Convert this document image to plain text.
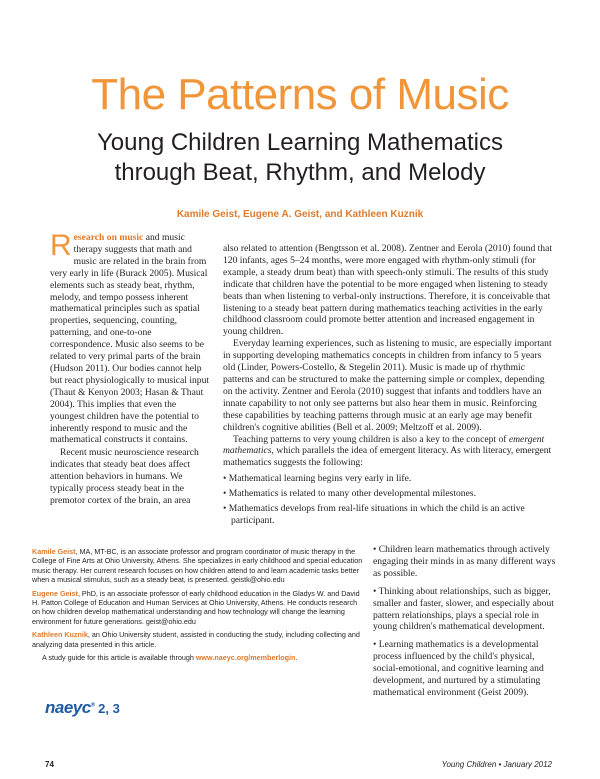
The Patterns of Music
Young Children Learning Mathematics
through Beat, Rhythm, and Melody
Kamile Geist, Eugene A. Geist, and Kathleen Kuznik

Research on music and music therapy suggests that math and music are related in the brain from very early in life (Burack 2005). Musical elements such as steady beat, rhythm, melody, and tempo possess inherent mathematical principles such as spatial properties, sequencing, counting, patterning, and one-to-one correspondence. Music also seems to be related to very primal parts of the brain (Hudson 2011). Our bodies cannot help but react physiologically to musical input (Thaut & Kenyon 2003; Hasan & Thaut 2004). This implies that even the youngest children have the potential to inherently respond to music and the mathematical constructs it contains.

Recent music neuroscience research indicates that steady beat does affect attention behaviors in humans. We typically process steady beat in the premotor cortex of the brain, an area

also related to attention (Bengtsson et al. 2008). Zentner and Eerola (2010) found that 120 infants, ages 5–24 months, were more engaged with rhythm-only stimuli (for example, a steady drum beat) than with speech-only stimuli. The results of this study indicate that children have the potential to be more engaged when listening to steady beats than when listening to verbal-only instructions. Therefore, it is conceivable that listening to a steady beat pattern during mathematics teaching activities in the early childhood classroom could promote better attention and increased engagement in young children.

Everyday learning experiences, such as listening to music, are especially important in supporting developing mathematics concepts in children from infancy to 5 years old (Linder, Powers-Costello, & Stegelin 2011). Music is made up of rhythmic patterns and can be structured to make the patterning simple or complex, depending on the activity. Zentner and Eerola (2010) suggest that infants and toddlers have an innate capability to not only see patterns but also hear them in music. Reinforcing these capabilities by teaching patterns through music at an early age may benefit children's cognitive abilities (Bell et al. 2009; Meltzoff et al. 2009).

Teaching patterns to very young children is also a key to the concept of emergent mathematics, which parallels the idea of emergent literacy. As with literacy, emergent mathematics suggests the following:

• Mathematical learning begins very early in life.
• Mathematics is related to many other developmental milestones.
• Mathematics develops from real-life situations in which the child is an active participant.

Kamile Geist, MA, MT-BC, is an associate professor and program coordinator of music therapy in the College of Fine Arts at Ohio University, Athens. She specializes in early childhood and special education music therapy. Her current research focuses on how children attend to and learn academic tasks better when a musical stimulus, such as a steady beat, is presented. geistk@ohio.edu

Eugene Geist, PhD, is an associate professor of early childhood education in the Gladys W. and David H. Patton College of Education and Human Services at Ohio University, Athens. He conducts research on how children develop mathematical understanding and how technology will change the learning environment for future generations. geist@ohio.edu

Kathleen Kuznik, an Ohio University student, assisted in conducting the study, including collecting and analyzing data presented in this article.

A study guide for this article is available through www.naeyc.org/memberlogin.

• Children learn mathematics through actively engaging their minds in as many different ways as possible.
• Thinking about relationships, such as bigger, smaller and faster, slower, and especially about pattern relationships, plays a special role in young children's mathematical development.
• Learning mathematics is a developmental process influenced by the child's physical, social-emotional, and cognitive learning and development, and nurtured by a stimulating mathematical environment (Geist 2009).
naeyc® 2, 3
74	Young Children • January 2012
